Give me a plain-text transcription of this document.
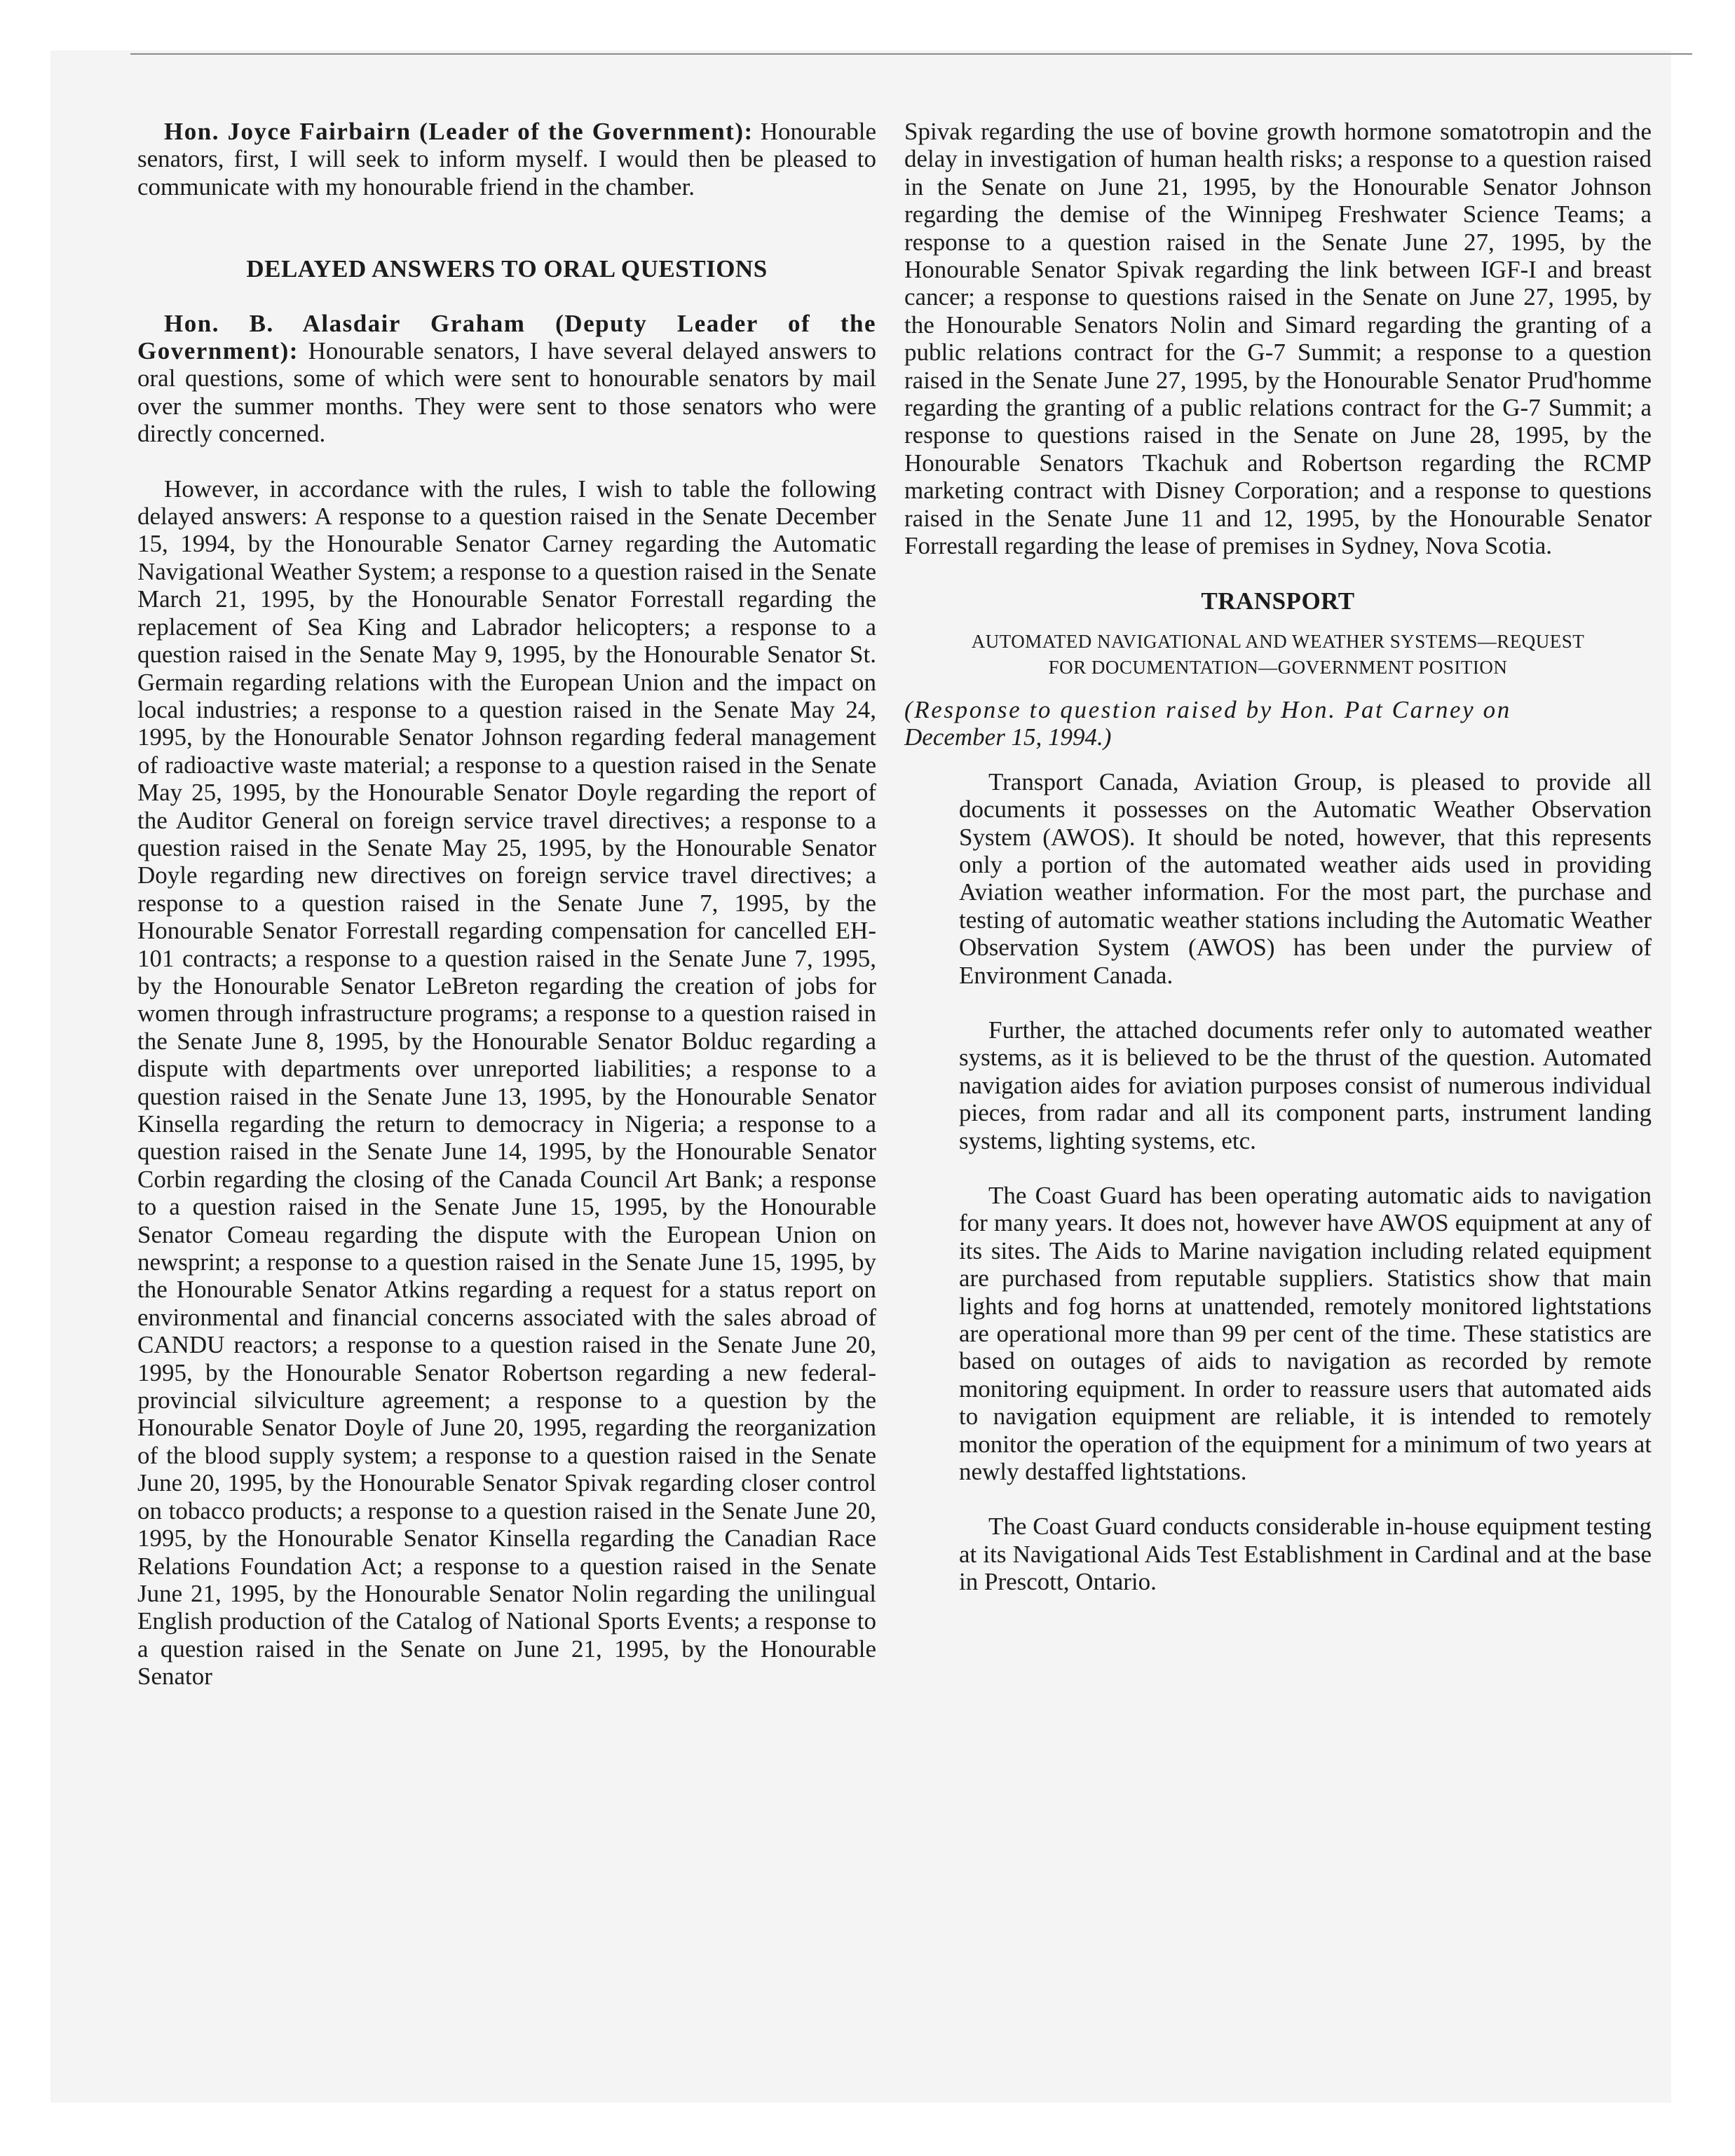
Hon. Joyce Fairbairn (Leader of the Government): Honourable senators, first, I will seek to inform myself. I would then be pleased to communicate with my honourable friend in the chamber.

DELAYED ANSWERS TO ORAL QUESTIONS

Hon. B. Alasdair Graham (Deputy Leader of the Government): Honourable senators, I have several delayed answers to oral questions, some of which were sent to honourable senators by mail over the summer months. They were sent to those senators who were directly concerned.

However, in accordance with the rules, I wish to table the following delayed answers: A response to a question raised in the Senate December 15, 1994, by the Honourable Senator Carney regarding the Automatic Navigational Weather System; a response to a question raised in the Senate March 21, 1995, by the Honourable Senator Forrestall regarding the replacement of Sea King and Labrador helicopters; a response to a question raised in the Senate May 9, 1995, by the Honourable Senator St. Germain regarding relations with the European Union and the impact on local industries; a response to a question raised in the Senate May 24, 1995, by the Honourable Senator Johnson regarding federal management of radioactive waste material; a response to a question raised in the Senate May 25, 1995, by the Honourable Senator Doyle regarding the report of the Auditor General on foreign service travel directives; a response to a question raised in the Senate May 25, 1995, by the Honourable Senator Doyle regarding new directives on foreign service travel directives; a response to a question raised in the Senate June 7, 1995, by the Honourable Senator Forrestall regarding compensation for cancelled EH-101 contracts; a response to a question raised in the Senate June 7, 1995, by the Honourable Senator LeBreton regarding the creation of jobs for women through infrastructure programs; a response to a question raised in the Senate June 8, 1995, by the Honourable Senator Bolduc regarding a dispute with departments over unreported liabilities; a response to a question raised in the Senate June 13, 1995, by the Honourable Senator Kinsella regarding the return to democracy in Nigeria; a response to a question raised in the Senate June 14, 1995, by the Honourable Senator Corbin regarding the closing of the Canada Council Art Bank; a response to a question raised in the Senate June 15, 1995, by the Honourable Senator Comeau regarding the dispute with the European Union on newsprint; a response to a question raised in the Senate June 15, 1995, by the Honourable Senator Atkins regarding a request for a status report on environmental and financial concerns associated with the sales abroad of CANDU reactors; a response to a question raised in the Senate June 20, 1995, by the Honourable Senator Robertson regarding a new federal-provincial silviculture agreement; a response to a question by the Honourable Senator Doyle of June 20, 1995, regarding the reorganization of the blood supply system; a response to a question raised in the Senate June 20, 1995, by the Honourable Senator Spivak regarding closer control on tobacco products; a response to a question raised in the Senate June 20, 1995, by the Honourable Senator Kinsella regarding the Canadian Race Relations Foundation Act; a response to a question raised in the Senate June 21, 1995, by the Honourable Senator Nolin regarding the unilingual English production of the Catalog of National Sports Events; a response to a question raised in the Senate on June 21, 1995, by the Honourable Senator

Spivak regarding the use of bovine growth hormone somatotropin and the delay in investigation of human health risks; a response to a question raised in the Senate on June 21, 1995, by the Honourable Senator Johnson regarding the demise of the Winnipeg Freshwater Science Teams; a response to a question raised in the Senate June 27, 1995, by the Honourable Senator Spivak regarding the link between IGF-I and breast cancer; a response to questions raised in the Senate on June 27, 1995, by the Honourable Senators Nolin and Simard regarding the granting of a public relations contract for the G-7 Summit; a response to a question raised in the Senate June 27, 1995, by the Honourable Senator Prud'homme regarding the granting of a public relations contract for the G-7 Summit; a response to questions raised in the Senate on June 28, 1995, by the Honourable Senators Tkachuk and Robertson regarding the RCMP marketing contract with Disney Corporation; and a response to questions raised in the Senate June 11 and 12, 1995, by the Honourable Senator Forrestall regarding the lease of premises in Sydney, Nova Scotia.

TRANSPORT
AUTOMATED NAVIGATIONAL AND WEATHER SYSTEMS—REQUEST
FOR DOCUMENTATION—GOVERNMENT POSITION

(Response to question raised by Hon. Pat Carney on
December 15, 1994.)

Transport Canada, Aviation Group, is pleased to provide all documents it possesses on the Automatic Weather Observation System (AWOS). It should be noted, however, that this represents only a portion of the automated weather aids used in providing Aviation weather information. For the most part, the purchase and testing of automatic weather stations including the Automatic Weather Observation System (AWOS) has been under the purview of Environment Canada.

Further, the attached documents refer only to automated weather systems, as it is believed to be the thrust of the question. Automated navigation aides for aviation purposes consist of numerous individual pieces, from radar and all its component parts, instrument landing systems, lighting systems, etc.

The Coast Guard has been operating automatic aids to navigation for many years. It does not, however have AWOS equipment at any of its sites. The Aids to Marine navigation including related equipment are purchased from reputable suppliers. Statistics show that main lights and fog horns at unattended, remotely monitored lightstations are operational more than 99 per cent of the time. These statistics are based on outages of aids to navigation as recorded by remote monitoring equipment. In order to reassure users that automated aids to navigation equipment are reliable, it is intended to remotely monitor the operation of the equipment for a minimum of two years at newly destaffed lightstations.

The Coast Guard conducts considerable in-house equipment testing at its Navigational Aids Test Establishment in Cardinal and at the base in Prescott, Ontario.
